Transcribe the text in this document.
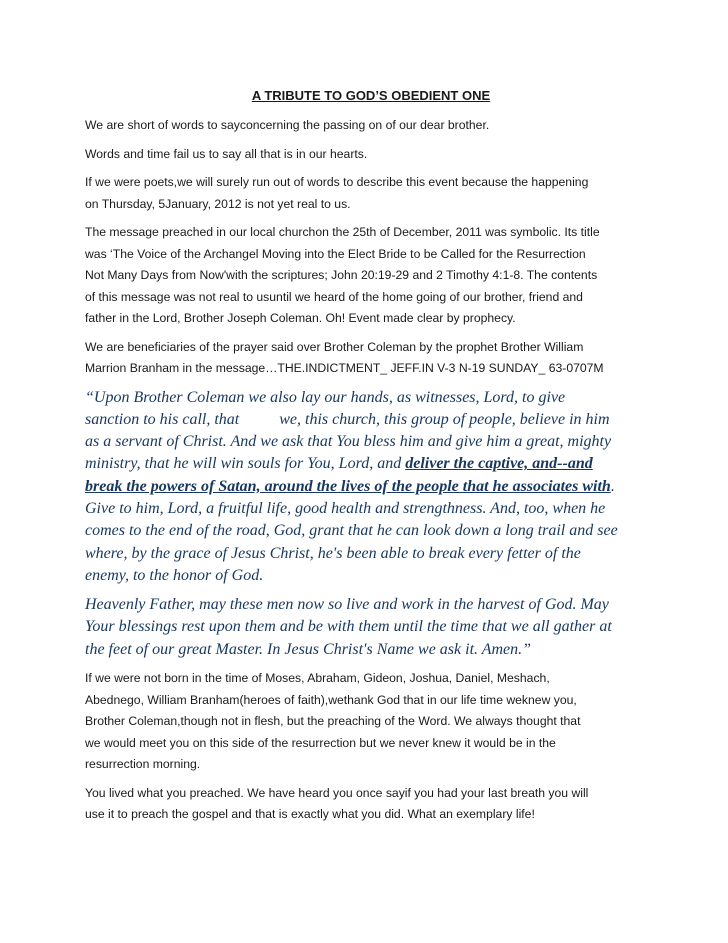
A TRIBUTE TO GOD’S OBEDIENT ONE
We are short of words to sayconcerning the passing on of our dear brother.
Words and time fail us to say all that is in our hearts.
If we were poets,we will surely run out of words to describe this event because the happening
on Thursday, 5January, 2012 is not yet real to us.
The message preached in our local churchon the 25th of December, 2011 was symbolic. Its title
was ‘The Voice of the Archangel Moving into the Elect Bride to be Called for the Resurrection
Not Many Days from Now'with the scriptures; John 20:19-29 and 2 Timothy 4:1-8. The contents
of this message was not real to usuntil we heard of the home going of our brother, friend and
father in the Lord, Brother Joseph Coleman. Oh! Event made clear by prophecy.
We are beneficiaries of the prayer said over Brother Coleman by the prophet Brother William
Marrion Branham in the message…THE.INDICTMENT_ JEFF.IN V-3 N-19 SUNDAY_ 63-0707M
“Upon Brother Coleman we also lay our hands, as witnesses, Lord, to give
sanction to his call, that          we, this church, this group of people, believe in him
as a servant of Christ. And we ask that You bless him and give him a great, mighty
ministry, that he will win souls for You, Lord, and deliver the captive, and--and
break the powers of Satan, around the lives of the people that he associates with.
Give to him, Lord, a fruitful life, good health and strengthness. And, too, when he
comes to the end of the road, God, grant that he can look down a long trail and see
where, by the grace of Jesus Christ, he's been able to break every fetter of the
enemy, to the honor of God.
Heavenly Father, may these men now so live and work in the harvest of God. May
Your blessings rest upon them and be with them until the time that we all gather at
the feet of our great Master. In Jesus Christ's Name we ask it. Amen.”
If we were not born in the time of Moses, Abraham, Gideon, Joshua, Daniel, Meshach,
Abednego, William Branham(heroes of faith),wethank God that in our life time weknew you,
Brother Coleman,though not in flesh, but the preaching of the Word. We always thought that
we would meet you on this side of the resurrection but we never knew it would be in the
resurrection morning.
You lived what you preached. We have heard you once sayif you had your last breath you will
use it to preach the gospel and that is exactly what you did. What an exemplary life!
